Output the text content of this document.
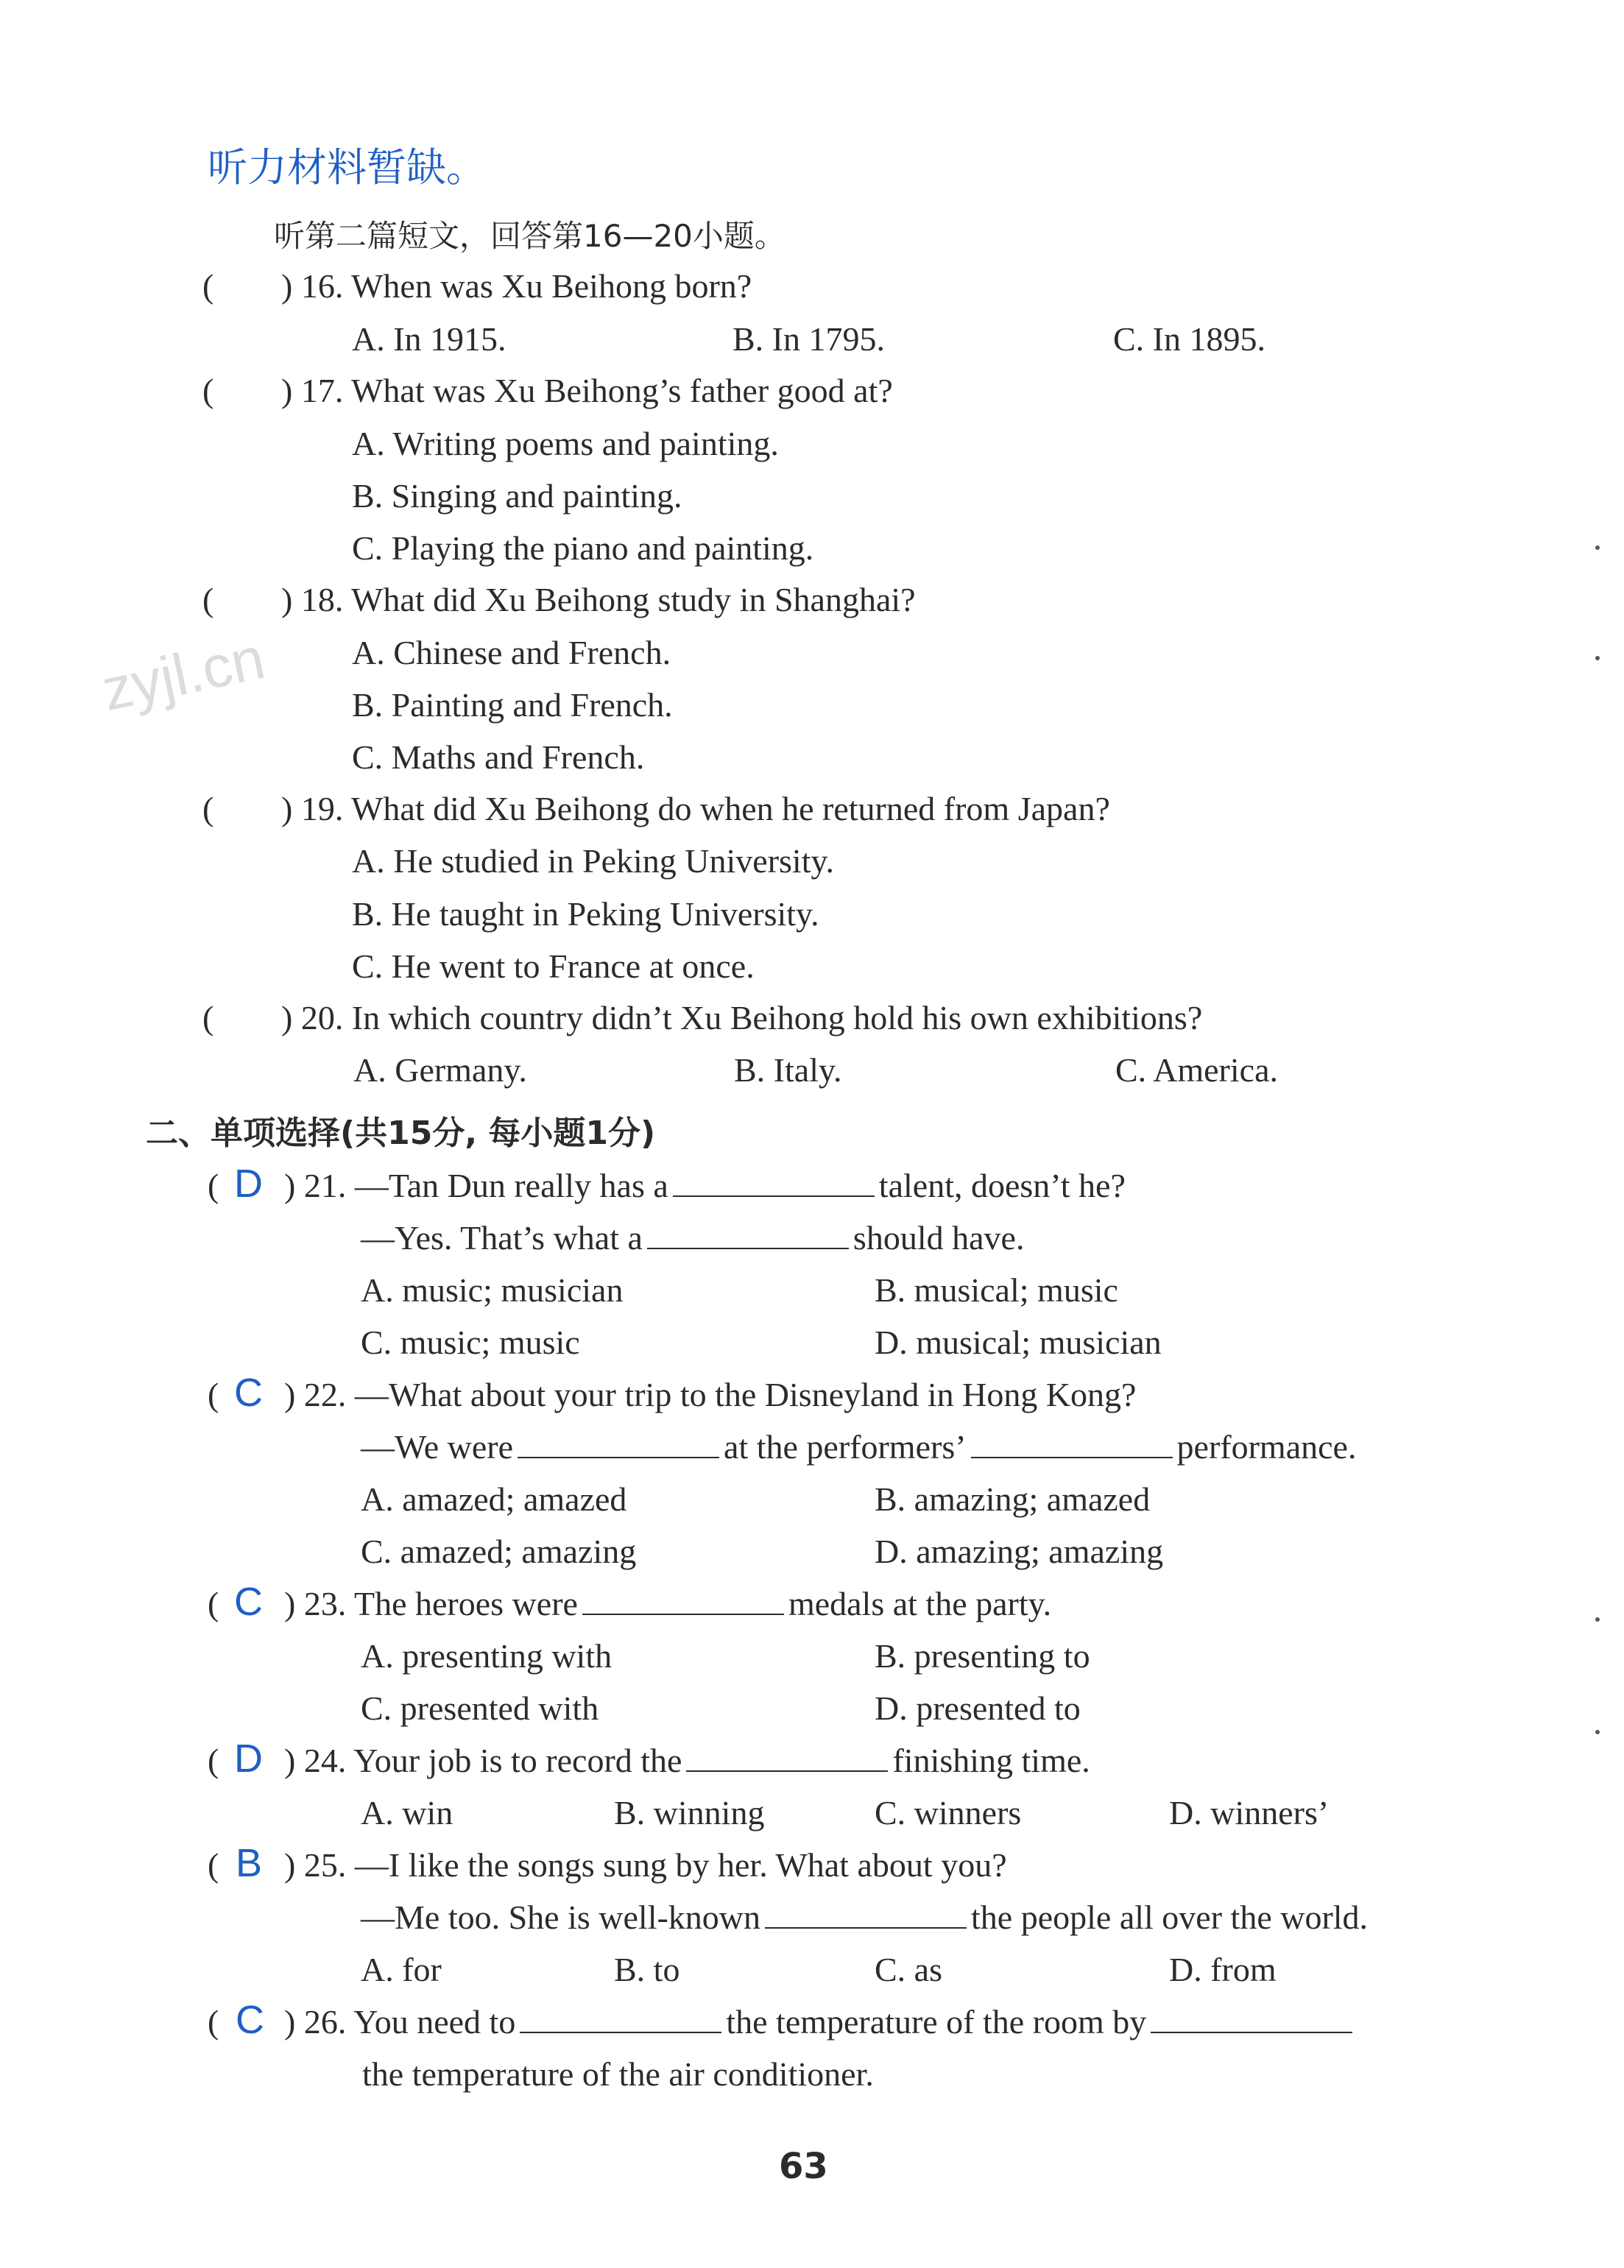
听力材料暂缺。
听第二篇短文，回答第16—20小题。
zyjl.cn
( ) 16. When was Xu Beihong born?
A. In 1915.	B. In 1795.	C. In 1895.
( ) 17. What was Xu Beihong’s father good at?
A. Writing poems and painting.
B. Singing and painting.
C. Playing the piano and painting.
( ) 18. What did Xu Beihong study in Shanghai?
A. Chinese and French.
B. Painting and French.
C. Maths and French.
( ) 19. What did Xu Beihong do when he returned from Japan?
A. He studied in Peking University.
B. He taught in Peking University.
C. He went to France at once.
( ) 20. In which country didn’t Xu Beihong hold his own exhibitions?
A. Germany.	B. Italy.	C. America.
二、单项选择(共15分, 每小题1分)
( D ) 21. —Tan Dun really has a	talent, doesn’t he?
—Yes. That’s what a	should have.
A. music; musician	B. musical; music
C. music; music	D. musical; musician
( C ) 22. —What about your trip to the Disneyland in Hong Kong?
—We were	at the performers’	performance.
A. amazed; amazed	B. amazing; amazed
C. amazed; amazing	D. amazing; amazing
( C ) 23. The heroes were	medals at the party.
A. presenting with	B. presenting to
C. presented with	D. presented to
( D ) 24. Your job is to record the	finishing time.
A. win	B. winning	C. winners	D. winners’
( B ) 25. —I like the songs sung by her. What about you?
—Me too. She is well-known	the people all over the world.
A. for	B. to	C. as	D. from
( C ) 26. You need to	the temperature of the room by
the temperature of the air conditioner.
63
